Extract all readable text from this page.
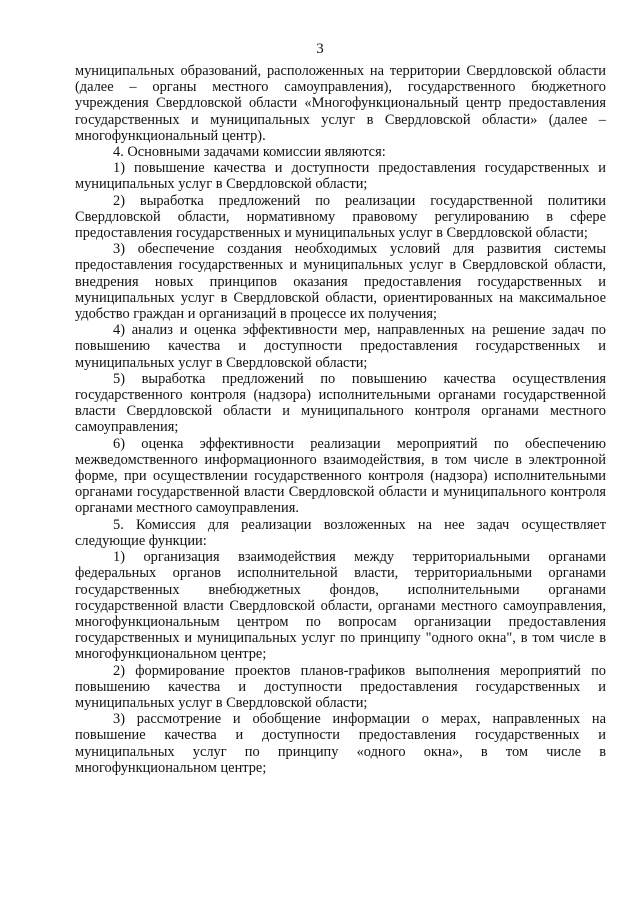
3

муниципальных образований, расположенных на территории Свердловской области (далее – органы местного самоуправления), государственного бюджетного учреждения Свердловской области «Многофункциональный центр предоставления государственных и муниципальных услуг в Свердловской области» (далее – многофункциональный центр).

4. Основными задачами комиссии являются:

1) повышение качества и доступности предоставления государственных и муниципальных услуг в Свердловской области;

2) выработка предложений по реализации государственной политики Свердловской области, нормативному правовому регулированию в сфере предоставления государственных и муниципальных услуг в Свердловской области;

3) обеспечение создания необходимых условий для развития системы предоставления государственных и муниципальных услуг в Свердловской области, внедрения новых принципов оказания предоставления государственных и муниципальных услуг в Свердловской области, ориентированных на максимальное удобство граждан и организаций в процессе их получения;

4) анализ и оценка эффективности мер, направленных на решение задач по повышению качества и доступности предоставления государственных и муниципальных услуг в Свердловской области;

5) выработка предложений по повышению качества осуществления государственного контроля (надзора) исполнительными органами государственной власти Свердловской области и муниципального контроля органами местного самоуправления;

6) оценка эффективности реализации мероприятий по обеспечению межведомственного информационного взаимодействия, в том числе в электронной форме, при осуществлении государственного контроля (надзора) исполнительными органами государственной власти Свердловской области и муниципального контроля органами местного самоуправления.

5. Комиссия для реализации возложенных на нее задач осуществляет следующие функции:

1) организация взаимодействия между территориальными органами федеральных органов исполнительной власти, территориальными органами государственных внебюджетных фондов, исполнительными органами государственной власти Свердловской области, органами местного самоуправления, многофункциональным центром по вопросам организации предоставления государственных и муниципальных услуг по принципу "одного окна", в том числе в многофункциональном центре;

2) формирование проектов планов-графиков выполнения мероприятий по повышению качества и доступности предоставления государственных и муниципальных услуг в Свердловской области;

3) рассмотрение и обобщение информации о мерах, направленных на повышение качества и доступности предоставления государственных и муниципальных услуг по принципу «одного окна», в том числе в многофункциональном центре;
